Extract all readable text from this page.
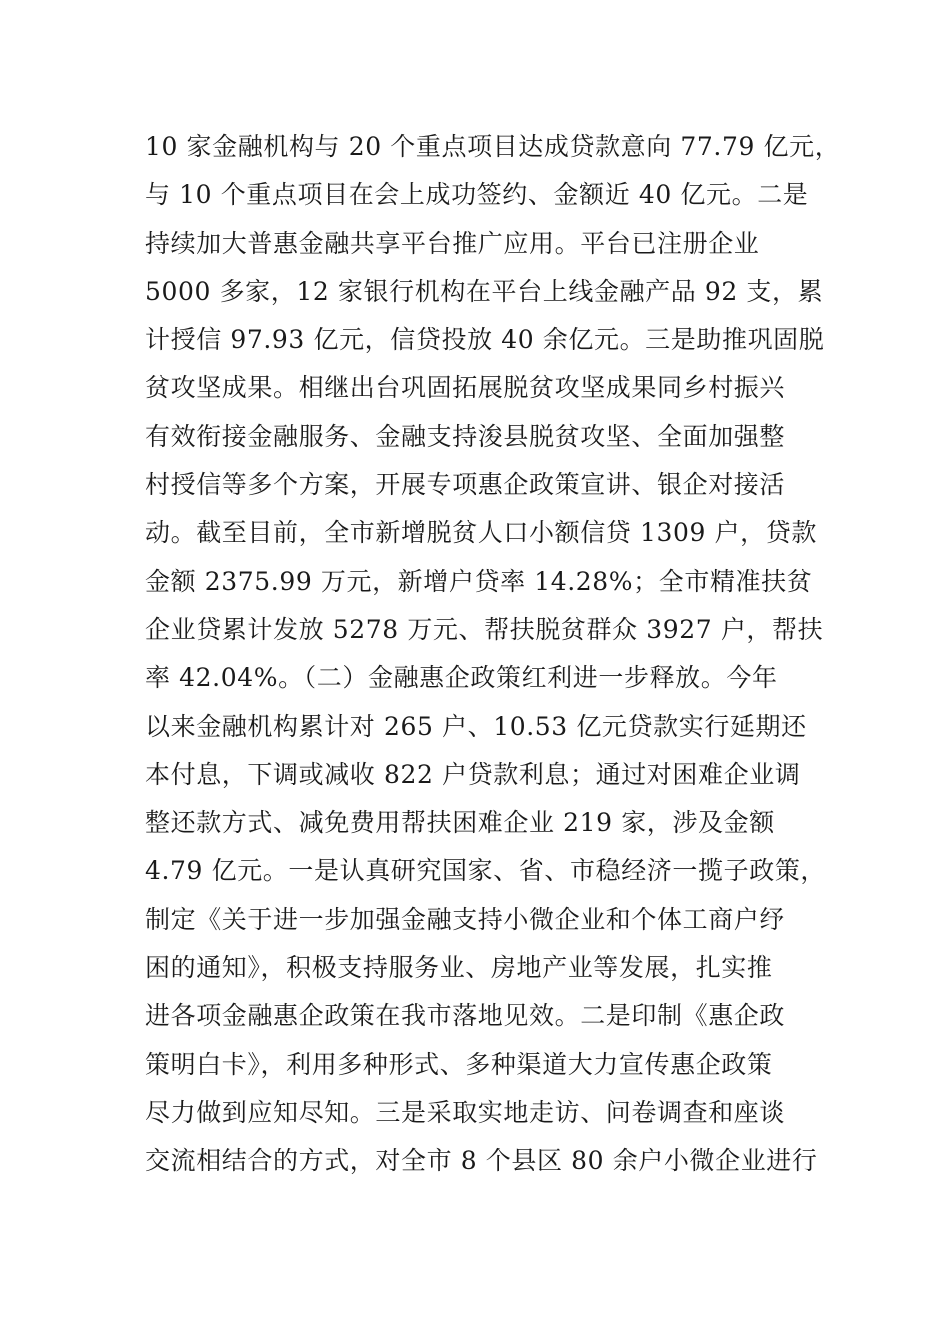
10 家金融机构与 20 个重点项目达成贷款意向 77.79 亿元，
与 10 个重点项目在会上成功签约、金额近 40 亿元。二是
持续加大普惠金融共享平台推广应用。平台已注册企业
5000 多家，12 家银行机构在平台上线金融产品 92 支，累
计授信 97.93 亿元，信贷投放 40 余亿元。三是助推巩固脱
贫攻坚成果。相继出台巩固拓展脱贫攻坚成果同乡村振兴
有效衔接金融服务、金融支持浚县脱贫攻坚、全面加强整
村授信等多个方案，开展专项惠企政策宣讲、银企对接活
动。截至目前，全市新增脱贫人口小额信贷 1309 户，贷款
金额 2375.99 万元，新增户贷率 14.28%；全市精准扶贫
企业贷累计发放 5278 万元、帮扶脱贫群众 3927 户，帮扶
率 42.04%。（二）金融惠企政策红利进一步释放。今年
以来金融机构累计对 265 户、10.53 亿元贷款实行延期还
本付息，下调或减收 822 户贷款利息；通过对困难企业调
整还款方式、减免费用帮扶困难企业 219 家，涉及金额
4.79 亿元。一是认真研究国家、省、市稳经济一揽子政策，
制定《关于进一步加强金融支持小微企业和个体工商户纾
困的通知》，积极支持服务业、房地产业等发展，扎实推
进各项金融惠企政策在我市落地见效。二是印制《惠企政
策明白卡》，利用多种形式、多种渠道大力宣传惠企政策
尽力做到应知尽知。三是采取实地走访、问卷调查和座谈
交流相结合的方式，对全市 8 个县区 80 余户小微企业进行
